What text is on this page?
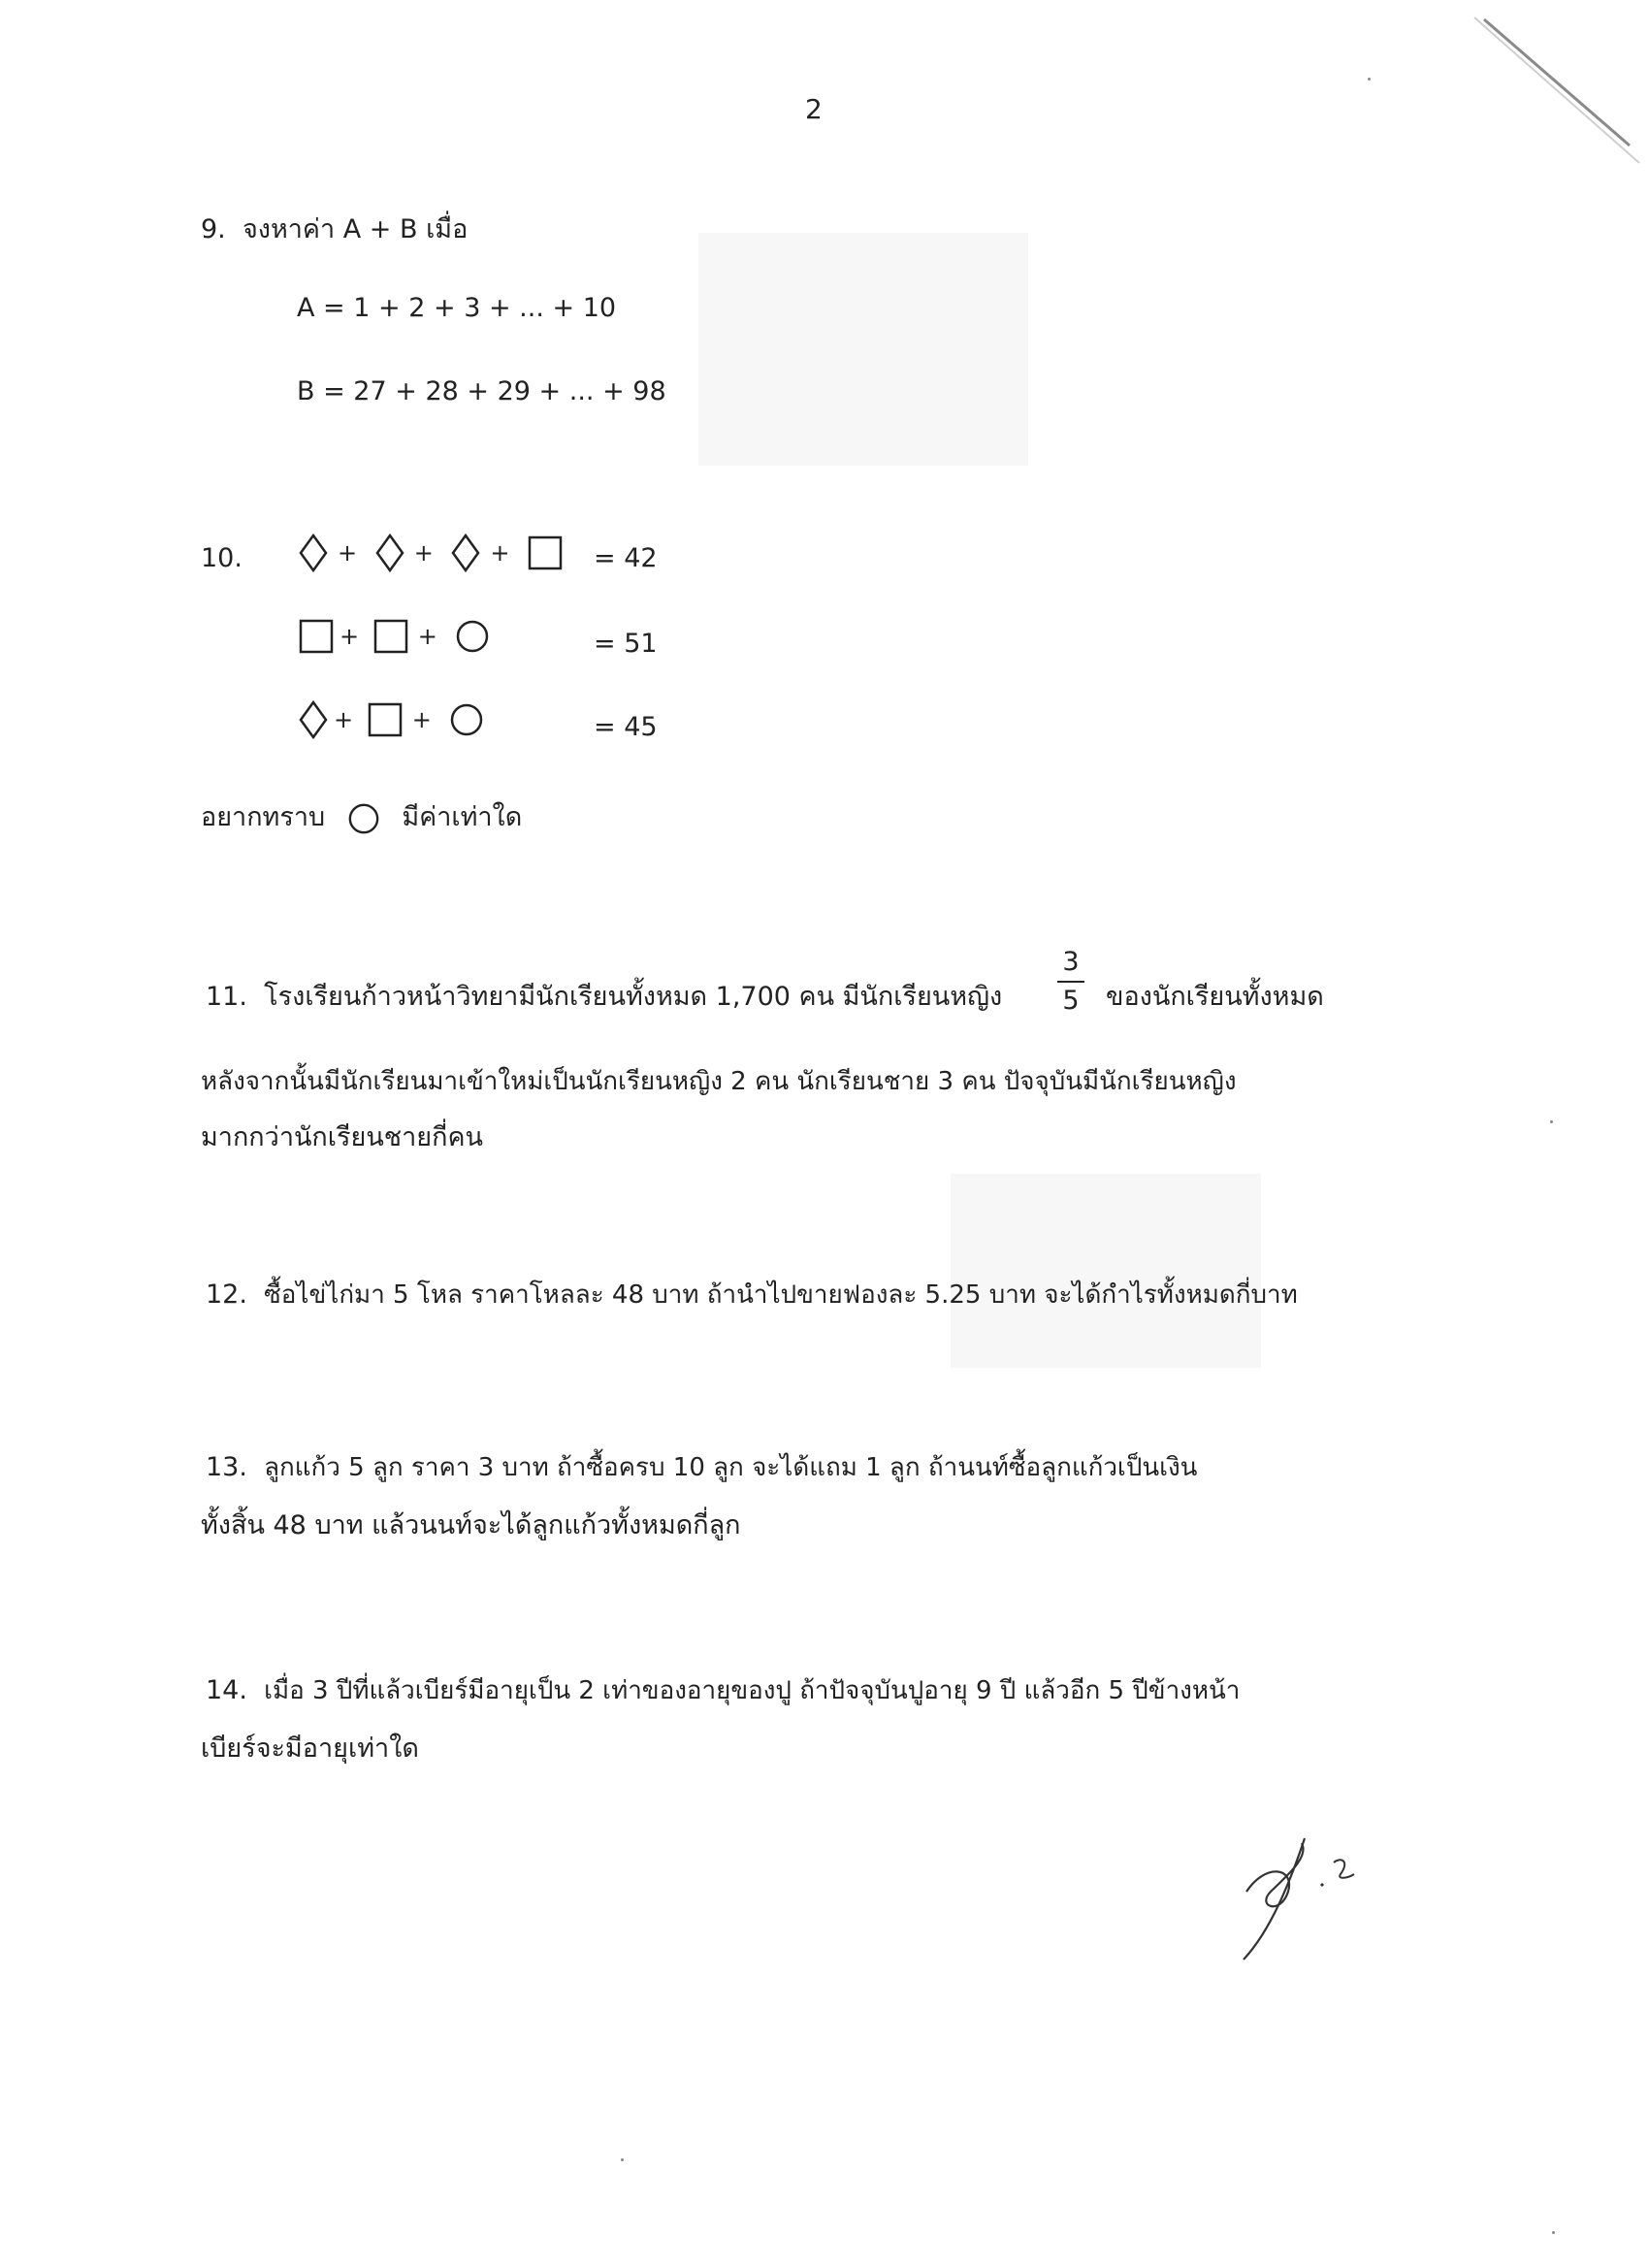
2
9. จงหาค่า A + B เมื่อ
A = 1 + 2 + 3 + ... + 10
B = 27 + 28 + 29 + ... + 98
10.	+ + +	= 42
+	+	= 51
+	+	= 45
อยากทราบ	มีค่าเท่าใด
11. โรงเรียนก้าวหน้าวิทยามีนักเรียนทั้งหมด 1,700 คน มีนักเรียนหญิง
3
5	ของนักเรียนทั้งหมด
หลังจากนั้นมีนักเรียนมาเข้าใหม่เป็นนักเรียนหญิง 2 คน นักเรียนชาย 3 คน ปัจจุบันมีนักเรียนหญิง
มากกว่านักเรียนชายกี่คน
12. ซื้อไข่ไก่มา 5 โหล ราคาโหลละ 48 บาท ถ้านำไปขายฟองละ 5.25 บาท จะได้กำไรทั้งหมดกี่บาท
13. ลูกแก้ว 5 ลูก ราคา 3 บาท ถ้าซื้อครบ 10 ลูก จะได้แถม 1 ลูก ถ้านนท์ซื้อลูกแก้วเป็นเงิน
ทั้งสิ้น 48 บาท แล้วนนท์จะได้ลูกแก้วทั้งหมดกี่ลูก
14. เมื่อ 3 ปีที่แล้วเบียร์มีอายุเป็น 2 เท่าของอายุของปู ถ้าปัจจุบันปูอายุ 9 ปี แล้วอีก 5 ปีข้างหน้า
เบียร์จะมีอายุเท่าใด
